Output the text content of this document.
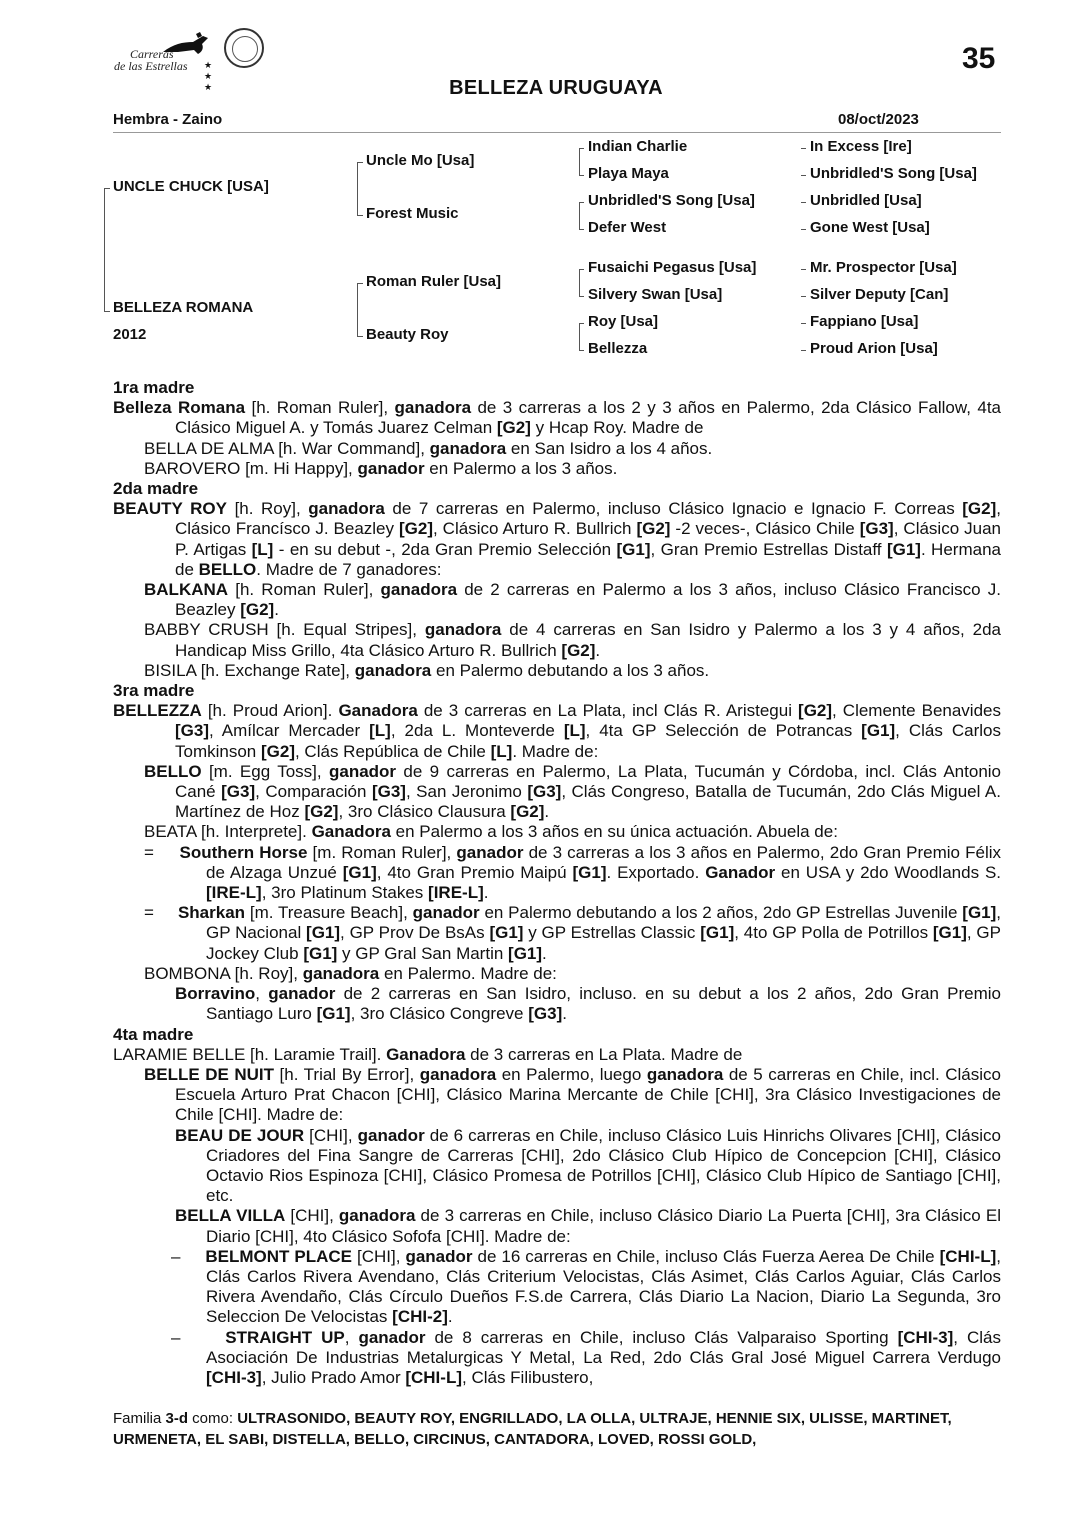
Carreras
de las Estrellas ★ ★ ★
35
BELLEZA URUGUAYA
Hembra - Zaino	08/oct/2023
UNCLE CHUCK [USA]
BELLEZA ROMANA
2012
Uncle Mo [Usa]
Forest Music
Roman Ruler [Usa]
Beauty Roy
Indian Charlie
Playa Maya
Unbridled'S Song [Usa]
Defer West
Fusaichi Pegasus [Usa]
Silvery Swan [Usa]
Roy [Usa]
Bellezza
In Excess [Ire]
Unbridled'S Song [Usa]
Unbridled [Usa]
Gone West [Usa]
Mr. Prospector [Usa]
Silver Deputy [Can]
Fappiano [Usa]
Proud Arion [Usa]
1ra madre
Belleza Romana [h. Roman Ruler], ganadora de 3 carreras a los 2 y 3 años en Palermo, 2da Clásico Fallow, 4ta Clásico Miguel A. y Tomás Juarez Celman [G2] y Hcap Roy. Madre de
BELLA DE ALMA [h. War Command], ganadora en San Isidro a los 4 años.
BAROVERO [m. Hi Happy], ganador en Palermo a los 3 años.
2da madre
BEAUTY ROY [h. Roy], ganadora de 7 carreras en Palermo, incluso Clásico Ignacio e Ignacio F. Correas [G2], Clásico Francísco J. Beazley [G2], Clásico Arturo R. Bullrich [G2] -2 veces-, Clásico Chile [G3], Clásico Juan P. Artigas [L] - en su debut -, 2da Gran Premio Selección [G1], Gran Premio Estrellas Distaff [G1]. Hermana de BELLO. Madre de 7 ganadores:
BALKANA [h. Roman Ruler], ganadora de 2 carreras en Palermo a los 3 años, incluso Clásico Francisco J. Beazley [G2].
BABBY CRUSH [h. Equal Stripes], ganadora de 4 carreras en San Isidro y Palermo a los 3 y 4 años, 2da Handicap Miss Grillo, 4ta Clásico Arturo R. Bullrich [G2].
BISILA [h. Exchange Rate], ganadora en Palermo debutando a los 3 años.
3ra madre
BELLEZZA [h. Proud Arion]. Ganadora de 3 carreras en La Plata, incl Clás R. Aristegui [G2], Clemente Benavides [G3], Amílcar Mercader [L], 2da L. Monteverde [L], 4ta GP Selección de Potrancas [G1], Clás Carlos Tomkinson [G2], Clás República de Chile [L]. Madre de:
BELLO [m. Egg Toss], ganador de 9 carreras en Palermo, La Plata, Tucumán y Córdoba, incl. Clás Antonio Cané [G3], Comparación [G3], San Jeronimo [G3], Clás Congreso, Batalla de Tucumán, 2do Clás Miguel A. Martínez de Hoz [G2], 3ro Clásico Clausura [G2].
BEATA [h. Interprete]. Ganadora en Palermo a los 3 años en su única actuación. Abuela de:
=     Southern Horse [m. Roman Ruler], ganador de 3 carreras a los 3 años en Palermo, 2do Gran Premio Félix de Alzaga Unzué [G1], 4to Gran Premio Maipú [G1]. Exportado. Ganador en USA y 2do Woodlands S. [IRE-L], 3ro Platinum Stakes [IRE-L].
=     Sharkan [m. Treasure Beach], ganador en Palermo debutando a los 2 años, 2do GP Estrellas Juvenile [G1], GP Nacional [G1], GP Prov De BsAs [G1] y GP Estrellas Classic [G1], 4to GP Polla de Potrillos [G1], GP Jockey Club [G1] y GP Gral San Martin [G1].
BOMBONA [h. Roy], ganadora en Palermo. Madre de:
Borravino, ganador de 2 carreras en San Isidro, incluso. en su debut a los 2 años, 2do Gran Premio Santiago Luro [G1], 3ro Clásico Congreve [G3].
4ta madre
LARAMIE BELLE [h. Laramie Trail]. Ganadora de 3 carreras en La Plata. Madre de
BELLE DE NUIT [h. Trial By Error], ganadora en Palermo, luego ganadora de 5 carreras en Chile, incl. Clásico Escuela Arturo Prat Chacon [CHI], Clásico Marina Mercante de Chile [CHI], 3ra Clásico Investigaciones de Chile [CHI]. Madre de:
BEAU DE JOUR [CHI], ganador de 6 carreras en Chile, incluso Clásico Luis Hinrichs Olivares [CHI], Clásico Criadores del Fina Sangre de Carreras [CHI], 2do Clásico Club Hípico de Concepcion [CHI], Clásico Octavio Rios Espinoza [CHI], Clásico Promesa de Potrillos [CHI], Clásico Club Hípico de Santiago [CHI], etc.
BELLA VILLA [CHI], ganadora de 3 carreras en Chile, incluso Clásico Diario La Puerta [CHI], 3ra Clásico El Diario [CHI], 4to Clásico Sofofa [CHI]. Madre de:
–     BELMONT PLACE [CHI], ganador de 16 carreras en Chile, incluso Clás Fuerza Aerea De Chile [CHI-L], Clás Carlos Rivera Avendano, Clás Criterium Velocistas, Clás Asimet, Clás Carlos Aguiar, Clás Carlos Rivera Avendaño, Clás Círculo Dueños F.S.de Carrera, Clás Diario La Nacion, Diario La Segunda, 3ro Seleccion De Velocistas [CHI-2].
–     STRAIGHT UP, ganador de 8 carreras en Chile, incluso Clás Valparaiso Sporting [CHI-3], Clás Asociación De Industrias Metalurgicas Y Metal, La Red, 2do Clás Gral José Miguel Carrera Verdugo [CHI-3], Julio Prado Amor [CHI-L], Clás Filibustero,
Familia 3-d como: ULTRASONIDO, BEAUTY ROY, ENGRILLADO, LA OLLA, ULTRAJE, HENNIE SIX, ULISSE, MARTINET, URMENETA, EL SABI, DISTELLA, BELLO, CIRCINUS, CANTADORA, LOVED, ROSSI GOLD,
